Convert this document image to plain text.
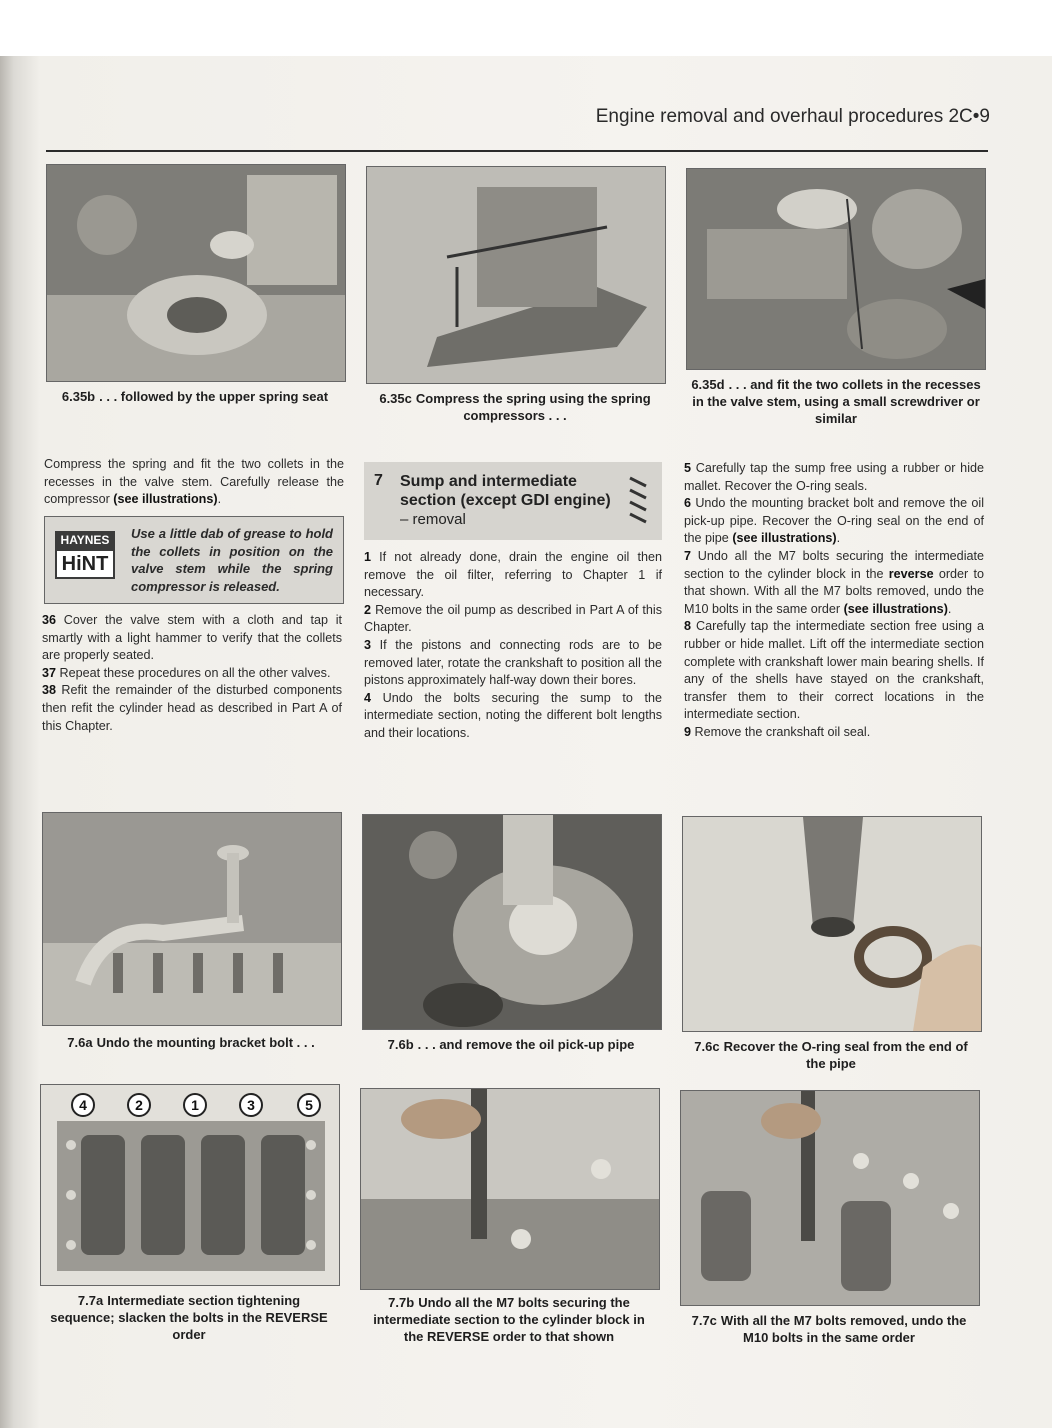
Engine removal and overhaul procedures 2C•9
6.35b . . . followed by the upper spring seat	6.35c Compress the spring using the spring compressors . . .
6.35d . . . and fit the two collets in the recesses in the valve stem, using a small screwdriver or similar

Compress the spring and fit the two collets in the recesses in the valve stem. Carefully release the compressor (see illustrations).

HAYNES
HiNT
Use a little dab of grease to hold the collets in position on the valve stem while the spring compressor is released.

36 Cover the valve stem with a cloth and tap it smartly with a light hammer to verify that the collets are properly seated.

37 Repeat these procedures on all the other valves.

38 Refit the remainder of the disturbed components then refit the cylinder head as described in Part A of this Chapter.

7 Sump and intermediate section (except GDI engine)
– removal

1 If not already done, drain the engine oil then remove the oil filter, referring to Chapter 1 if necessary.

2 Remove the oil pump as described in Part A of this Chapter.

3 If the pistons and connecting rods are to be removed later, rotate the crankshaft to position all the pistons approximately half-way down their bores.

4 Undo the bolts securing the sump to the intermediate section, noting the different bolt lengths and their locations.

5 Carefully tap the sump free using a rubber or hide mallet. Recover the O-ring seals.

6 Undo the mounting bracket bolt and remove the oil pick-up pipe. Recover the O-ring seal on the end of the pipe (see illustrations).

7 Undo all the M7 bolts securing the intermediate section to the cylinder block in the reverse order to that shown. With all the M7 bolts removed, undo the M10 bolts in the same order (see illustrations).

8 Carefully tap the intermediate section free using a rubber or hide mallet. Lift off the intermediate section complete with crankshaft lower main bearing shells. If any of the shells have stayed on the crankshaft, transfer them to their correct locations in the intermediate section.

9 Remove the crankshaft oil seal.

7.6a Undo the mounting bracket bolt . . .	7.6b . . . and remove the oil pick-up pipe	7.6c Recover the O-ring seal from the end of the pipe
4	2	1	3	5
7.7a Intermediate section tightening sequence; slacken the bolts in the REVERSE order
7.7b Undo all the M7 bolts securing the intermediate section to the cylinder block in the REVERSE order to that shown
7.7c With all the M7 bolts removed, undo the M10 bolts in the same order
